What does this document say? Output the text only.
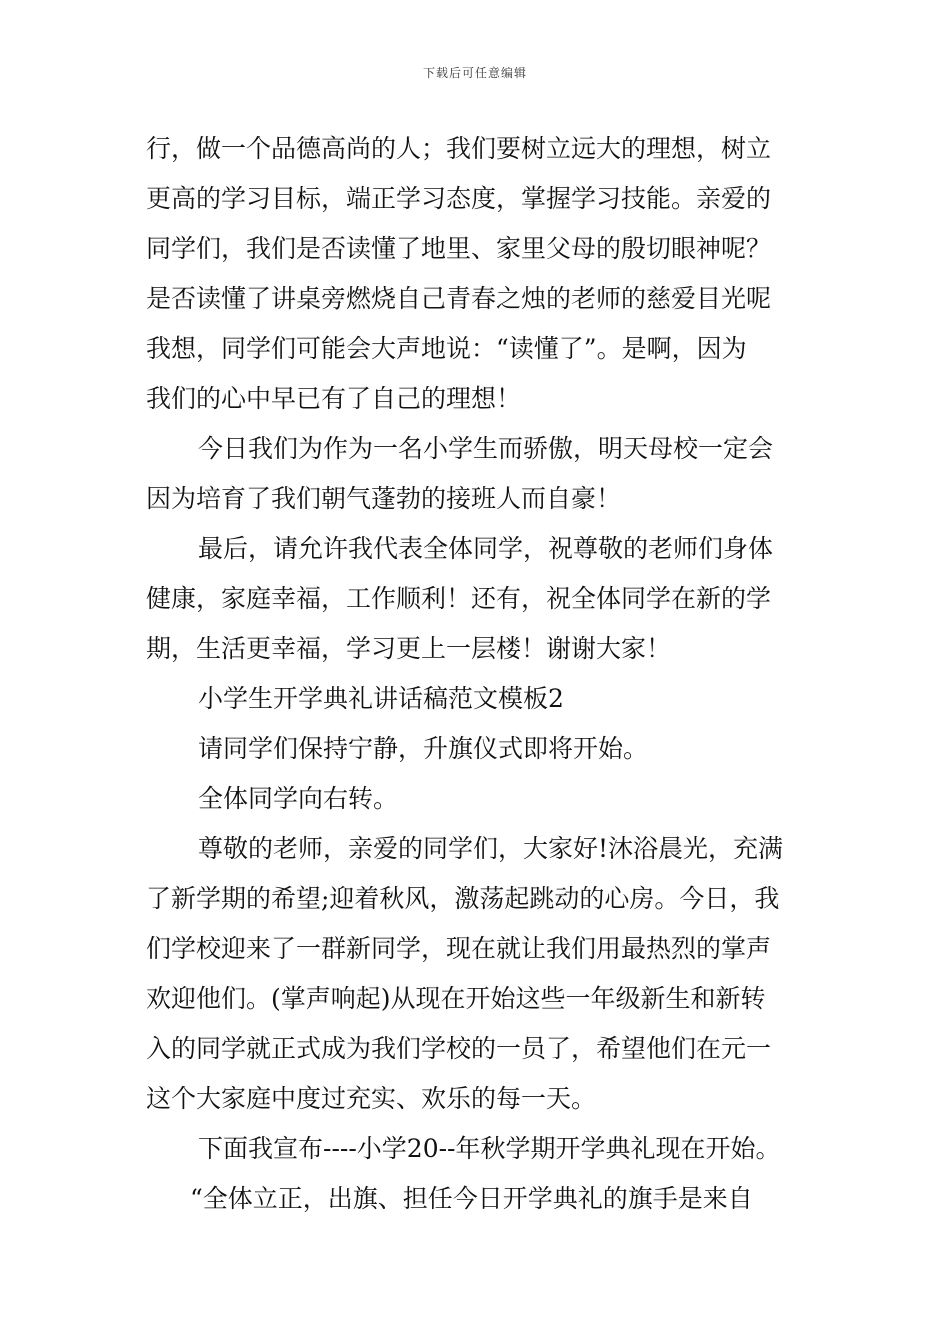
下载后可任意编辑
行，做一个品德高尚的人；我们要树立远大的理想，树立
更高的学习目标，端正学习态度，掌握学习技能。亲爱的
同学们，我们是否读懂了地里、家里父母的殷切眼神呢？
是否读懂了讲桌旁燃烧自己青春之烛的老师的慈爱目光呢
我想，同学们可能会大声地说：“读懂了”。是啊，因为
我们的心中早已有了自己的理想！
今日我们为作为一名小学生而骄傲，明天母校一定会
因为培育了我们朝气蓬勃的接班人而自豪！
最后，请允许我代表全体同学，祝尊敬的老师们身体
健康，家庭幸福，工作顺利！还有，祝全体同学在新的学
期，生活更幸福，学习更上一层楼！谢谢大家！
小学生开学典礼讲话稿范文模板2
请同学们保持宁静，升旗仪式即将开始。
全体同学向右转。
尊敬的老师，亲爱的同学们，大家好!沐浴晨光，充满
了新学期的希望;迎着秋风，激荡起跳动的心房。今日，我
们学校迎来了一群新同学，现在就让我们用最热烈的掌声
欢迎他们。(掌声响起)从现在开始这些一年级新生和新转
入的同学就正式成为我们学校的一员了，希望他们在元一
这个大家庭中度过充实、欢乐的每一天。
下面我宣布----小学20--年秋学期开学典礼现在开始。
“全体立正，出旗、担任今日开学典礼的旗手是来自
